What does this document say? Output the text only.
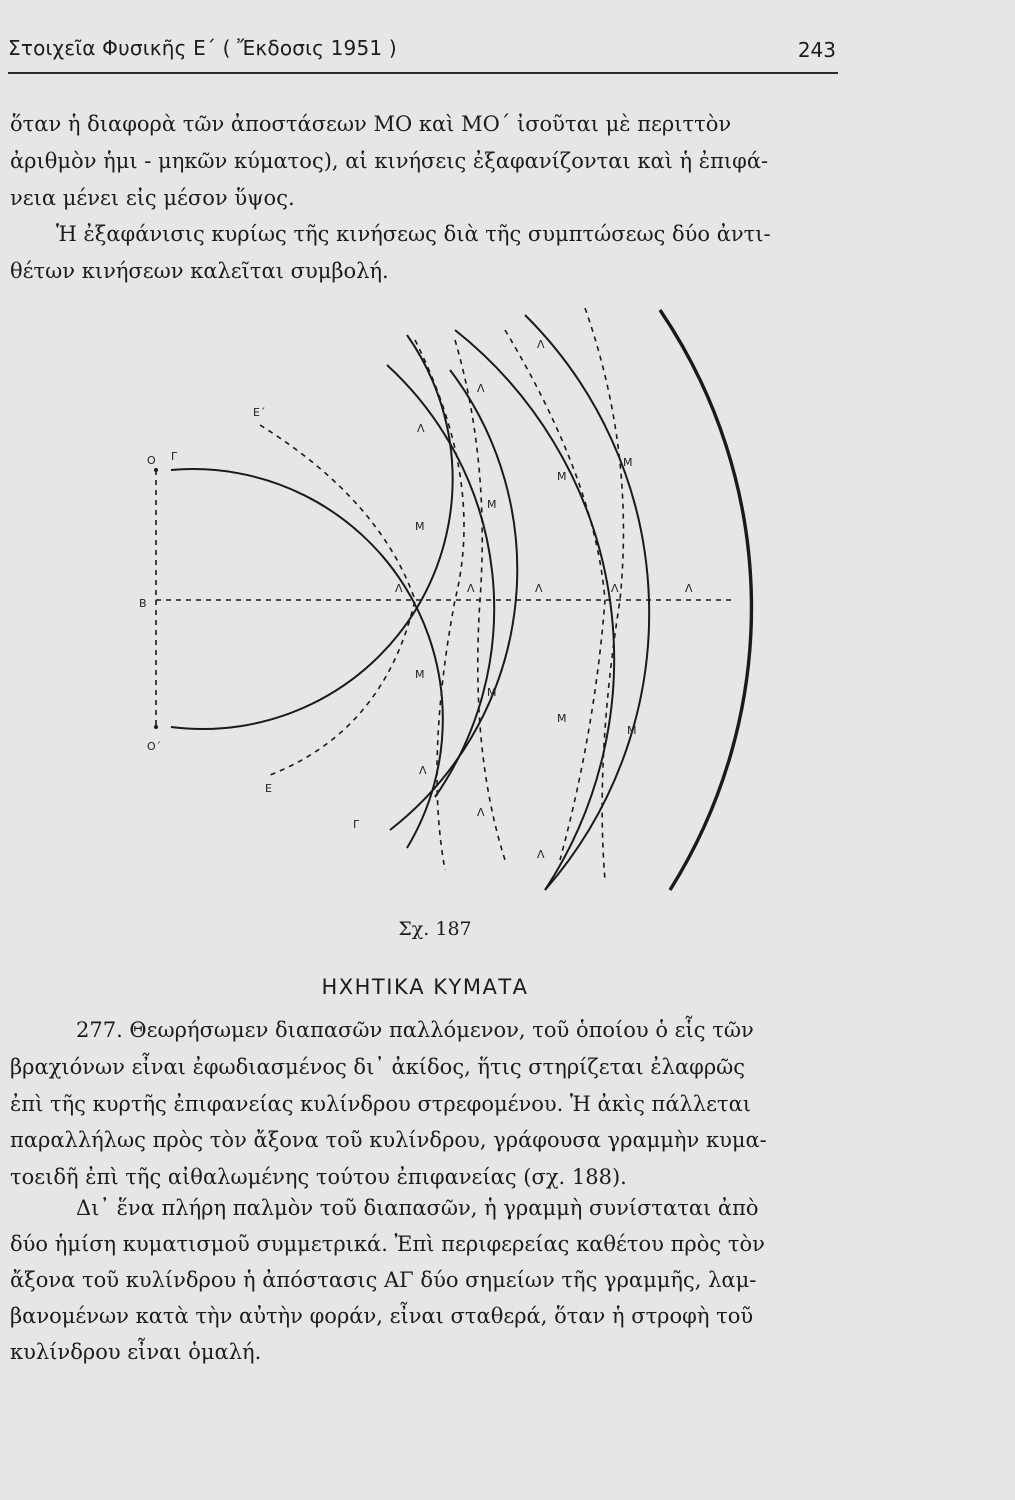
Στοιχεῖα Φυσικῆς Ε΄ ( Ἔκδοσις 1951 )	243
ὅταν ἡ διαφορὰ τῶν ἀποστάσεων ΜΟ καὶ ΜΟ΄ ἰσοῦται μὲ περιττὸν
ἀριθμὸν ἡμι - μηκῶν κύματος), αἱ κινήσεις ἐξαφανίζονται καὶ ἡ ἐπιφά-
νεια μένει εἰς μέσον ὕψος.
Ἡ ἐξαφάνισις κυρίως τῆς κινήσεως διὰ τῆς συμπτώσεως δύο ἀντι-
θέτων κινήσεων καλεῖται συμβολή.
O Γ
O΄
B
Ε΄
Ε
Γ
Μ
Μ
Μ
Μ
Μ
Μ
Μ
Μ
Λ
Λ
Λ
Λ	Λ	Λ	Λ	Λ
Λ
Λ
Λ
Σχ. 187
ΗΧΗΤΙΚΑ ΚΥΜΑΤΑ
277. Θεωρήσωμεν διαπασῶν παλλόμενον, τοῦ ὁποίου ὁ εἷς τῶν
βραχιόνων εἶναι ἐφωδιασμένος δι᾽ ἀκίδος, ἥτις στηρίζεται ἐλαφρῶς
ἐπὶ τῆς κυρτῆς ἐπιφανείας κυλίνδρου στρεφομένου. Ἡ ἀκὶς πάλλεται
παραλλήλως πρὸς τὸν ἄξονα τοῦ κυλίνδρου, γράφουσα γραμμὴν κυμα-
τοειδῆ ἐπὶ τῆς αἰθαλωμένης τούτου ἐπιφανείας (σχ. 188).
Δι᾽ ἕνα πλήρη παλμὸν τοῦ διαπασῶν, ἡ γραμμὴ συνίσταται ἀπὸ
δύο ἡμίση κυματισμοῦ συμμετρικά. Ἐπὶ περιφερείας καθέτου πρὸς τὸν
ἄξονα τοῦ κυλίνδρου ἡ ἀπόστασις ΑΓ δύο σημείων τῆς γραμμῆς, λαμ-
βανομένων κατὰ τὴν αὐτὴν φοράν, εἶναι σταθερά, ὅταν ἡ στροφὴ τοῦ
κυλίνδρου εἶναι ὁμαλή.
